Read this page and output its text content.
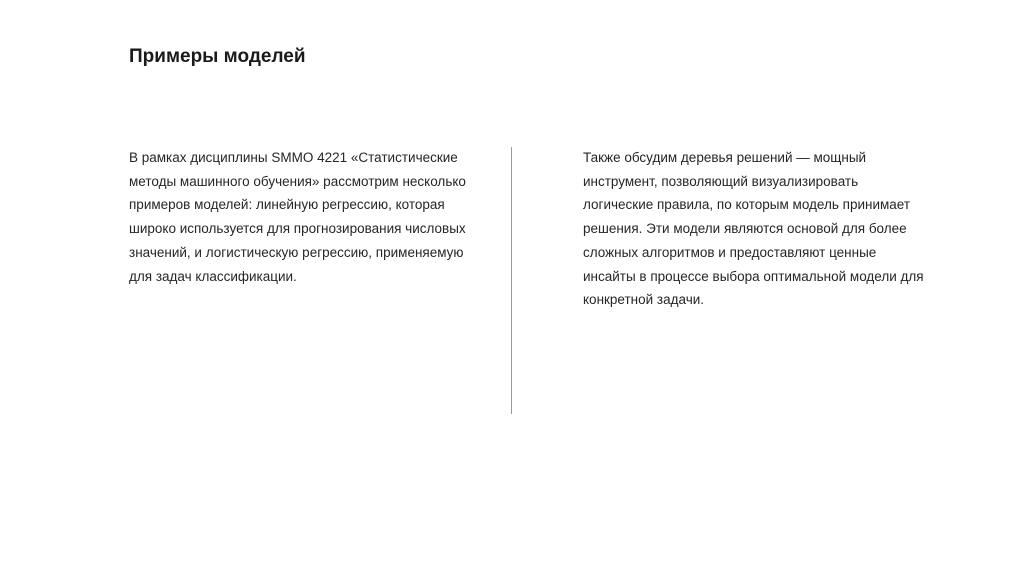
Примеры моделей

В рамках дисциплины SMMO 4221 «Статистические методы машинного обучения» рассмотрим несколько примеров моделей: линейную регрессию, которая широко используется для прогнозирования числовых значений, и логистическую регрессию, применяемую для задач классификации.

Также обсудим деревья решений — мощный инструмент, позволяющий визуализировать логические правила, по которым модель принимает решения. Эти модели являются основой для более сложных алгоритмов и предоставляют ценные инсайты в процессе выбора оптимальной модели для конкретной задачи.
